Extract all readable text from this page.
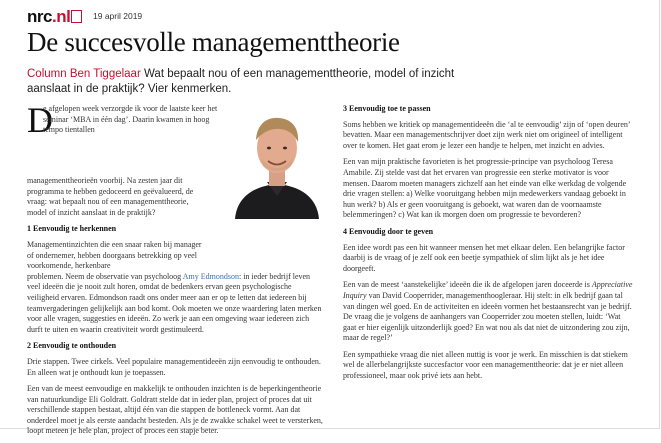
nrc.nl	19 april 2019
De succesvolle managementtheorie
Column Ben Tiggelaar Wat bepaalt nou of een managementtheorie, model of inzicht aanslaat in de praktijk? Vier kenmerken.
D
e afgelopen week verzorgde ik voor de laatste keer het seminar ‘MBA in één dag’. Daarin kwamen in hoog tempo tientallen
managementtheorieën voorbij. Na zesten jaar dit programma te hebben gedoceerd en geëvalueerd, de vraag: wat bepaalt nou of een managementtheorie, model of inzicht aanslaat in de praktijk?
1 Eenvoudig te herkennen

Managementinzichten die een snaar raken bij manager of ondernemer, hebben doorgaans betrekking op veel voorkomende, herkenbare

problemen. Neem de observatie van psycholoog Amy Edmondson: in ieder bedrijf leven veel ideeën die je nooit zult horen, omdat de bedenkers ervan geen psychologische veiligheid ervaren. Edmondson raadt ons onder meer aan er op te letten dat iedereen bij teamvergaderingen gelijkelijk aan bod komt. Ook moeten we onze waardering laten merken voor alle vragen, suggesties en ideeën. Zo werk je aan een omgeving waar iedereen zich durft te uiten en waarin creativiteit wordt gestimuleerd.

2 Eenvoudig te onthouden

Drie stappen. Twee cirkels. Veel populaire managementideeën zijn eenvoudig te onthouden. En alleen wat je onthoudt kun je toepassen.

Een van de meest eenvoudige en makkelijk te onthouden inzichten is de beperkingentheorie van natuurkundige Eli Goldratt. Goldratt stelde dat in ieder plan, project of proces dat uit verschillende stappen bestaat, altijd één van die stappen de bottleneck vormt. Aan dat onderdeel moet je als eerste aandacht besteden. Als je de zwakke schakel weet te versterken, loopt meteen je hele plan, project of proces een stapje beter.

3 Eenvoudig toe te passen

Soms hebben we kritiek op managementideeën die ‘al te eenvoudig’ zijn of ‘open deuren’ bevatten. Maar een managementschrijver doet zijn werk niet om origineel of intelligent over te komen. Het gaat erom je lezer een handje te helpen, met inzicht en advies.

Een van mijn praktische favorieten is het progressie-principe van psycholoog Teresa Amabile. Zij stelde vast dat het ervaren van progressie een sterke motivator is voor mensen. Daarom moeten managers zichzelf aan het einde van elke werkdag de volgende drie vragen stellen: a) Welke vooruitgang hebben mijn medewerkers vandaag geboekt in hun werk? b) Als er geen vooruitgang is geboekt, wat waren dan de voornaamste belemmeringen? c) Wat kan ik morgen doen om progressie te bevorderen?

4 Eenvoudig door te geven

Een idee wordt pas een hit wanneer mensen het met elkaar delen. Een belangrijke factor daarbij is de vraag of je zelf ook een beetje sympathiek of slim lijkt als je het idee doorgeeft.

Een van de meest ‘aanstekelijke’ ideeën die ik de afgelopen jaren doceerde is Appreciative Inquiry van David Cooperrider, managementhoogleraar. Hij stelt: in elk bedrijf gaan tal van dingen wél goed. En de activiteiten en ideeën vormen het bestaansrecht van je bedrijf. De vraag die je volgens de aanhangers van Cooperrider zou moeten stellen, luidt: ‘Wat gaat er hier eigenlijk uitzonderlijk goed? En wat nou als dat niet de uitzondering zou zijn, maar de regel?’

Een sympathieke vraag die niet alleen nuttig is voor je werk. En misschien is dat stiekem wel de allerbelangrijkste succesfactor voor een managementtheorie: dat je er niet alleen professioneel, maar ook privé iets aan hebt.
